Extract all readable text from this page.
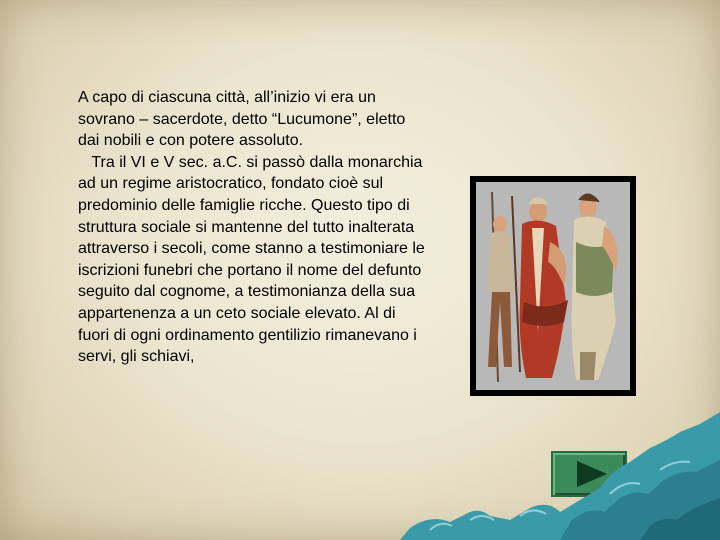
A capo di ciascuna città, all’inizio vi era un sovrano – sacerdote, detto “Lucumone”, eletto dai nobili e con potere assoluto.
Tra il VI e V sec. a.C. si passò dalla monarchia ad un regime aristocratico, fondato cioè sul predominio delle famiglie ricche. Questo tipo di struttura sociale si mantenne del tutto inalterata attraverso i secoli, come stanno a testimoniare le iscrizioni funebri che portano il nome del defunto seguito dal cognome, a testimonianza della sua appartenenza a un ceto sociale elevato. Al di fuori di ogni ordinamento gentilizio rimanevano i servi, gli schiavi,
